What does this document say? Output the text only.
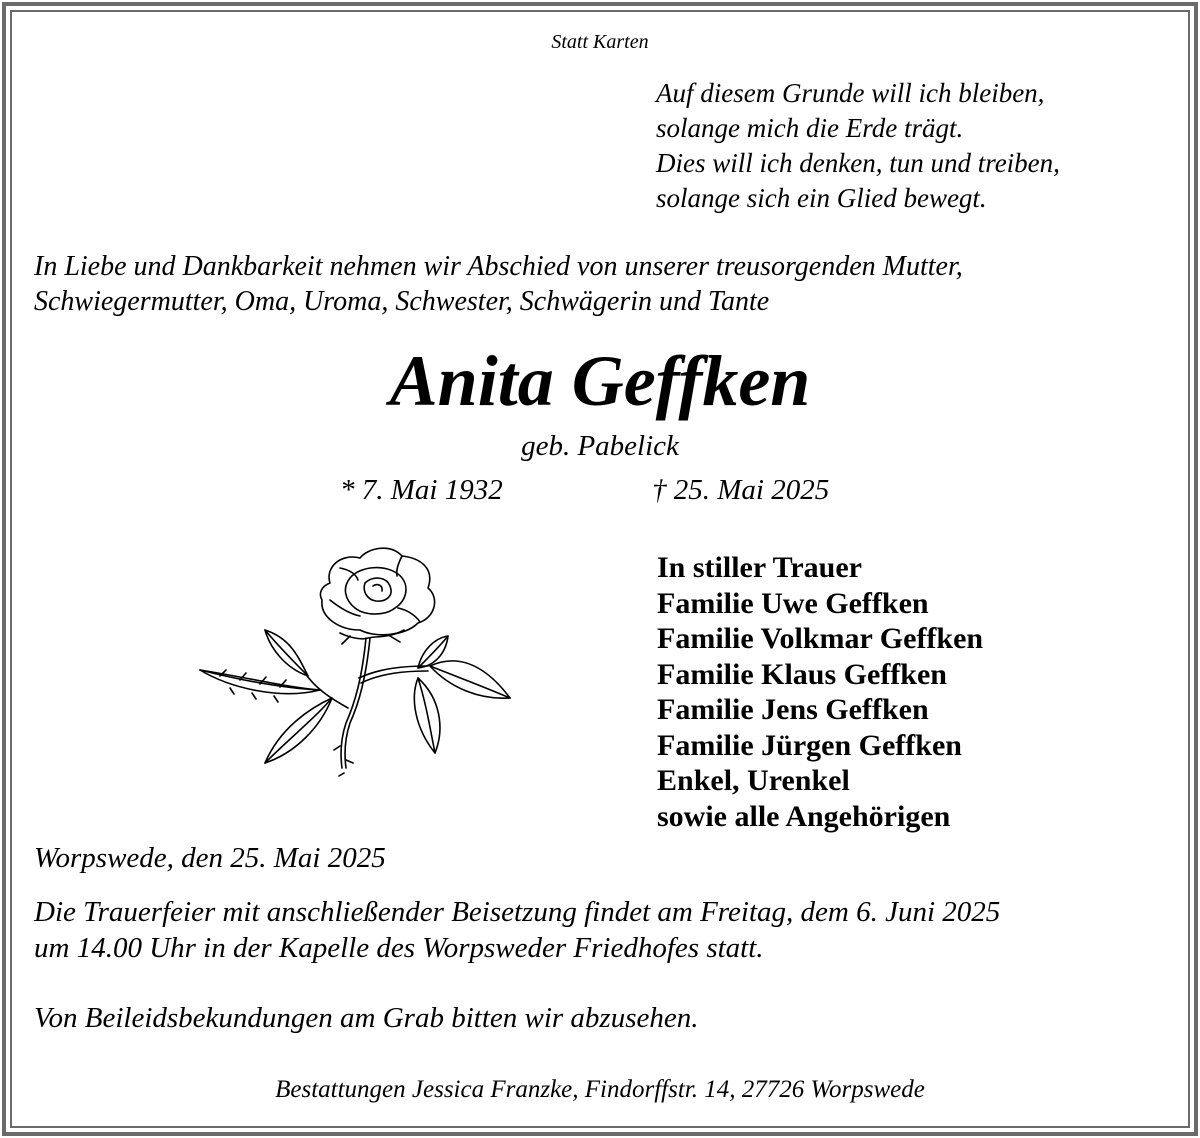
Statt Karten
Auf diesem Grunde will ich bleiben,
solange mich die Erde trägt.
Dies will ich denken, tun und treiben,
solange sich ein Glied bewegt.
In Liebe und Dankbarkeit nehmen wir Abschied von unserer treusorgenden Mutter,
Schwiegermutter, Oma, Uroma, Schwester, Schwägerin und Tante
Anita Geffken
geb. Pabelick
* 7. Mai 1932	† 25. Mai 2025
In stiller Trauer
Familie Uwe Geffken
Familie Volkmar Geffken
Familie Klaus Geffken
Familie Jens Geffken
Familie Jürgen Geffken
Enkel, Urenkel
sowie alle Angehörigen
Worpswede, den 25. Mai 2025
Die Trauerfeier mit anschließender Beisetzung findet am Freitag, dem 6. Juni 2025
um 14.00 Uhr in der Kapelle des Worpsweder Friedhofes statt.
Von Beileidsbekundungen am Grab bitten wir abzusehen.
Bestattungen Jessica Franzke, Findorffstr. 14, 27726 Worpswede
